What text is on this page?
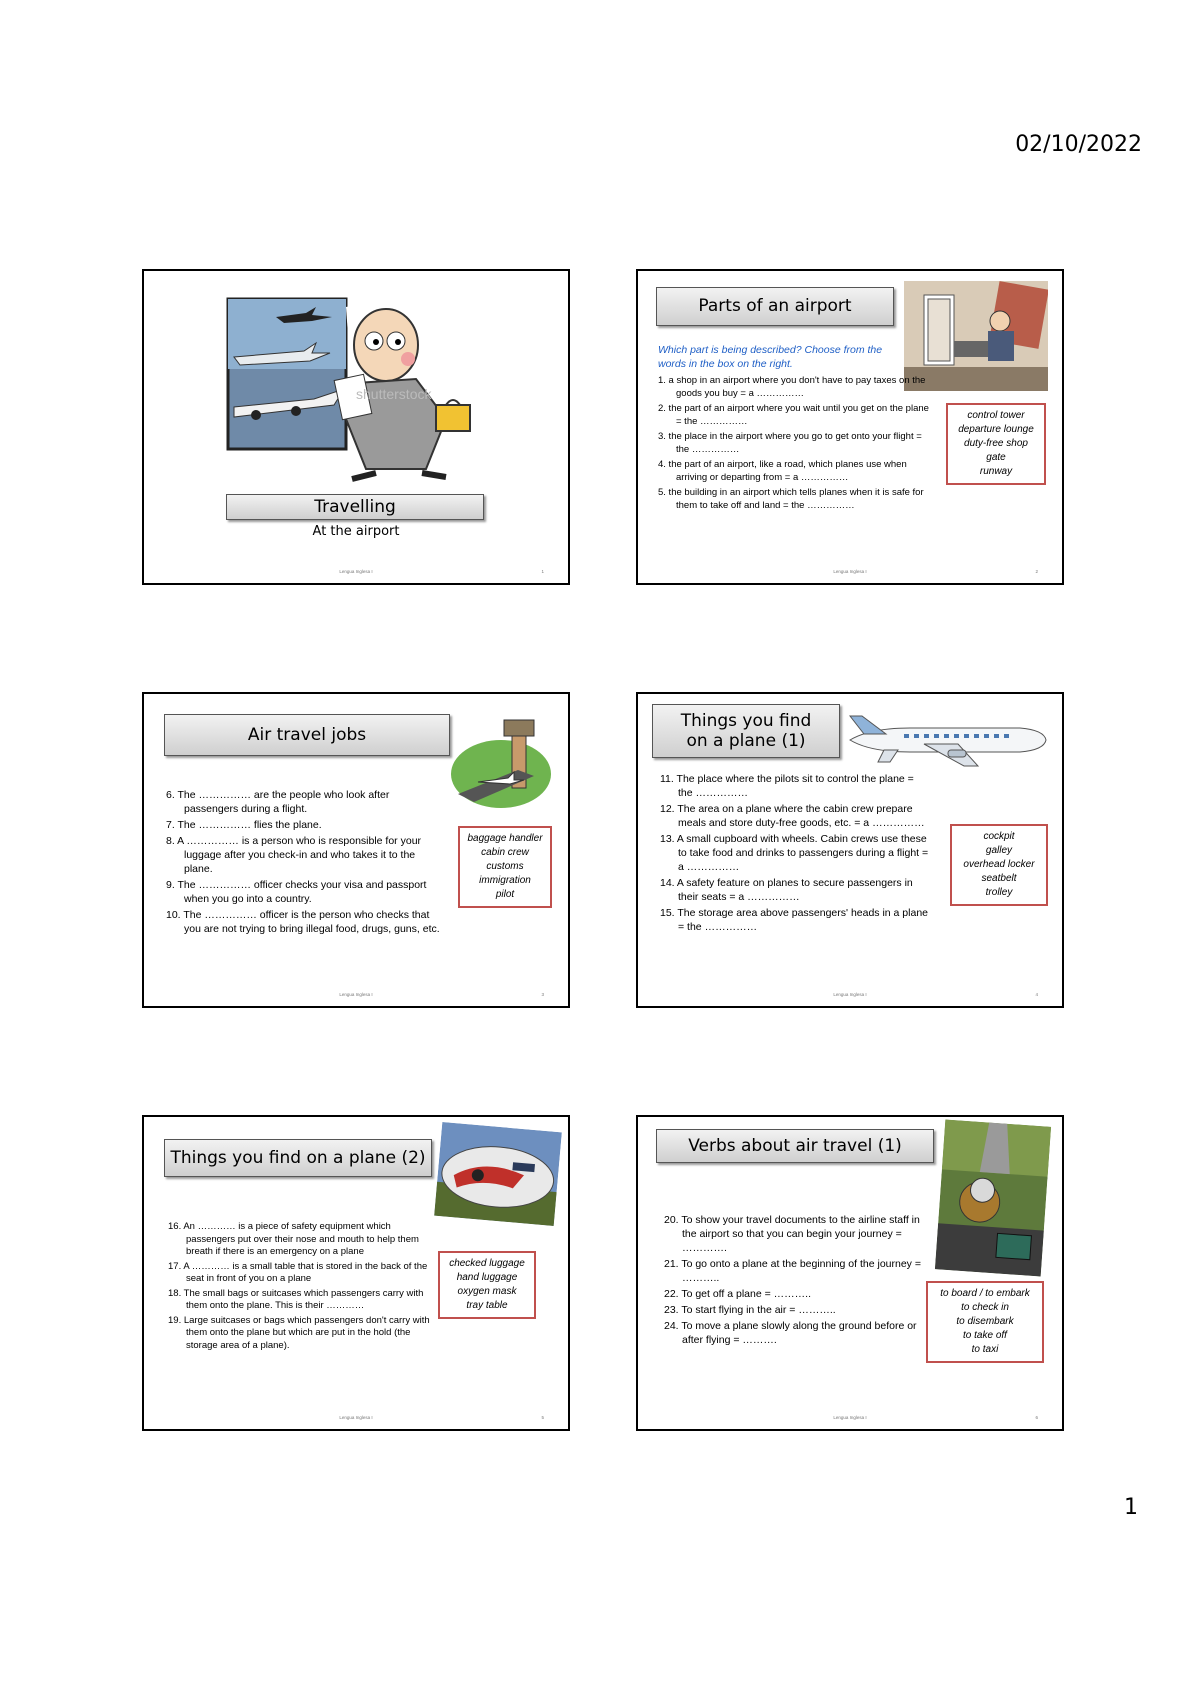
02/10/2022
shutterstock
Travelling
At the airport
Lengua Inglesa I	1
Parts of an airport
Which part is being described? Choose from the words in the box on the right.
1. a shop in an airport where you don't have to pay taxes on the goods you buy = a ……………
2. the part of an airport where you wait until you get on the plane = the ……………
3. the place in the airport where you go to get onto your flight = the ……………
4. the part of an airport, like a road, which planes use when arriving or departing from = a ……………
5. the building in an airport which tells planes when it is safe for them to take off and land = the ……………
control tower
departure lounge
duty-free shop
gate
runway
Lengua Inglesa I	2
Air travel jobs
6. The …………… are the people who look after passengers during a flight.
7. The …………… flies the plane.
8. A …………… is a person who is responsible for your luggage after you check-in and who takes it to the plane.
9. The …………… officer checks your visa and passport when you go into a country.
10. The …………… officer is the person who checks that you are not trying to bring illegal food, drugs, guns, etc.
baggage handler
cabin crew
customs
immigration
pilot
Lengua Inglesa I	3
Things you find
on a plane (1)
11. The place where the pilots sit to control the plane = the ……………
12. The area on a plane where the cabin crew prepare meals and store duty-free goods, etc. = a ……………
13. A small cupboard with wheels. Cabin crews use these to take food and drinks to passengers during a flight = a ……………
14. A safety feature on planes to secure passengers in their seats = a ……………
15. The storage area above passengers' heads in a plane = the ……………
cockpit
galley
overhead locker
seatbelt
trolley
Lengua Inglesa I	4
Things you find on a plane (2)
16. An ………… is a piece of safety equipment which passengers put over their nose and mouth to help them breath if there is an emergency on a plane
17. A ………… is a small table that is stored in the back of the seat in front of you on a plane
18. The small bags or suitcases which passengers carry with them onto the plane. This is their …………
19. Large suitcases or bags which passengers don't carry with them onto the plane but which are put in the hold (the storage area of a plane).
checked luggage
hand luggage
oxygen mask
tray table
Lengua Inglesa I	5
Verbs about air travel (1)
20. To show your travel documents to the airline staff in the airport so that you can begin your journey = ………….
21. To go onto a plane at the beginning of the journey = ………..
22. To get off a plane = ………..
23. To start flying in the air = ………..
24. To move a plane slowly along the ground before or after flying = ……….
to board / to embark
to check in
to disembark
to take off
to taxi
Lengua Inglesa I	6
1
